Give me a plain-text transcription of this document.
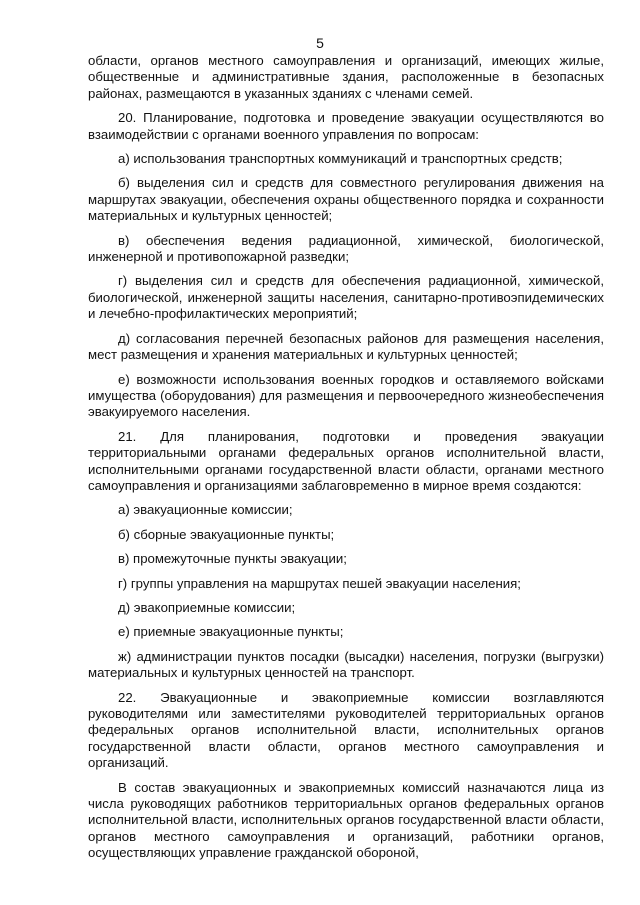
5

области, органов местного самоуправления и организаций, имеющих жилые, общественные и административные здания, расположенные в безопасных районах, размещаются в указанных зданиях с членами семей.

20. Планирование, подготовка и проведение эвакуации осуществляются во взаимодействии с органами военного управления по вопросам:

а) использования транспортных коммуникаций и транспортных средств;

б) выделения сил и средств для совместного регулирования движения на маршрутах эвакуации, обеспечения охраны общественного порядка и сохранности материальных и культурных ценностей;

в) обеспечения ведения радиационной, химической, биологической, инженерной и противопожарной разведки;

г) выделения сил и средств для обеспечения радиационной, химической, биологической, инженерной защиты населения, санитарно-противоэпидемических и лечебно-профилактических мероприятий;

д) согласования перечней безопасных районов для размещения населения, мест размещения и хранения материальных и культурных ценностей;

е) возможности использования военных городков и оставляемого войсками имущества (оборудования) для размещения и первоочередного жизнеобеспечения эвакуируемого населения.

21. Для планирования, подготовки и проведения эвакуации территориальными органами федеральных органов исполнительной власти, исполнительными органами государственной власти области, органами местного самоуправления и организациями заблаговременно в мирное время создаются:

а) эвакуационные комиссии;

б) сборные эвакуационные пункты;

в) промежуточные пункты эвакуации;

г) группы управления на маршрутах пешей эвакуации населения;

д) эвакоприемные комиссии;

е) приемные эвакуационные пункты;

ж) администрации пунктов посадки (высадки) населения, погрузки (выгрузки) материальных и культурных ценностей на транспорт.

22. Эвакуационные и эвакоприемные комиссии возглавляются руководителями или заместителями руководителей территориальных органов федеральных органов исполнительной власти, исполнительных органов государственной власти области, органов местного самоуправления и организаций.

В состав эвакуационных и эвакоприемных комиссий назначаются лица из числа руководящих работников территориальных органов федеральных органов исполнительной власти, исполнительных органов государственной власти области, органов местного самоуправления и организаций, работники органов, осуществляющих управление гражданской обороной,
